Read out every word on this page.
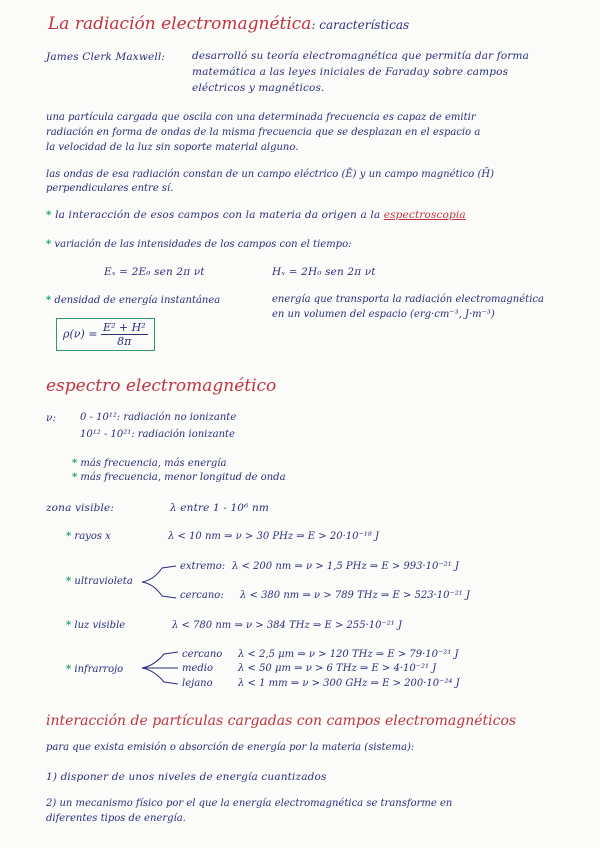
La radiación electromagnética: características
James Clerk Maxwell:	desarrolló su teoría electromagnética que permitía dar forma
matemática a las leyes iniciales de Faraday sobre campos
eléctricos y magnéticos.
una partícula cargada que oscila con una determinada frecuencia es capaz de emitir
radiación en forma de ondas de la misma frecuencia que se desplazan en el espacio a
la velocidad de la luz sin soporte material alguno.
las ondas de esa radiación constan de un campo eléctrico (Ē) y un campo magnético (H̄)
perpendiculares entre sí.
* la interacción de esos campos con la materia da origen a la espectroscopia
* variación de las intensidades de los campos con el tiempo:
Eₓ = 2E₀ sen 2π νt	Hₓ = 2H₀ sen 2π νt
* densidad de energía instantánea	energía que transporta la radiación electromagnética
en un volumen del espacio (erg·cm⁻³, J·m⁻³)
$\rho(\nu) = \frac{\text{E² + H²}}{8\pi}$
espectro electromagnético
ν: 0 - 10¹²: radiación no ionizante
10¹² - 10²¹: radiación ionizante
* más frecuencia, más energía
* más frecuencia, menor longitud de onda
zona visible:	λ entre 1 - 10⁶ nm
* rayos x	λ < 10 nm ⇒ ν > 30 PHz ⇒ E > 20·10⁻¹⁸ J
* ultravioleta
extremo: λ < 200 nm ⇒ ν > 1,5 PHz ⇒ E > 993·10⁻²¹ J
cercano: λ < 380 nm ⇒ ν > 789 THz ⇒ E > 523·10⁻²¹ J
* luz visible	λ < 780 nm ⇒ ν > 384 THz ⇒ E > 255·10⁻²¹ J
* infrarrojo
cercano λ < 2,5 μm ⇒ ν > 120 THz ⇒ E > 79·10⁻²¹ J
medio λ < 50 μm ⇒ ν > 6 THz ⇒ E > 4·10⁻²¹ J
lejano	λ < 1 mm ⇒ ν > 300 GHz ⇒ E > 200·10⁻²⁴ J
interacción de partículas cargadas con campos electromagnéticos
para que exista emisión o absorción de energía por la materia (sistema):
1) disponer de unos niveles de energía cuantizados
2) un mecanismo físico por el que la energía electromagnética se transforme en
diferentes tipos de energía.
